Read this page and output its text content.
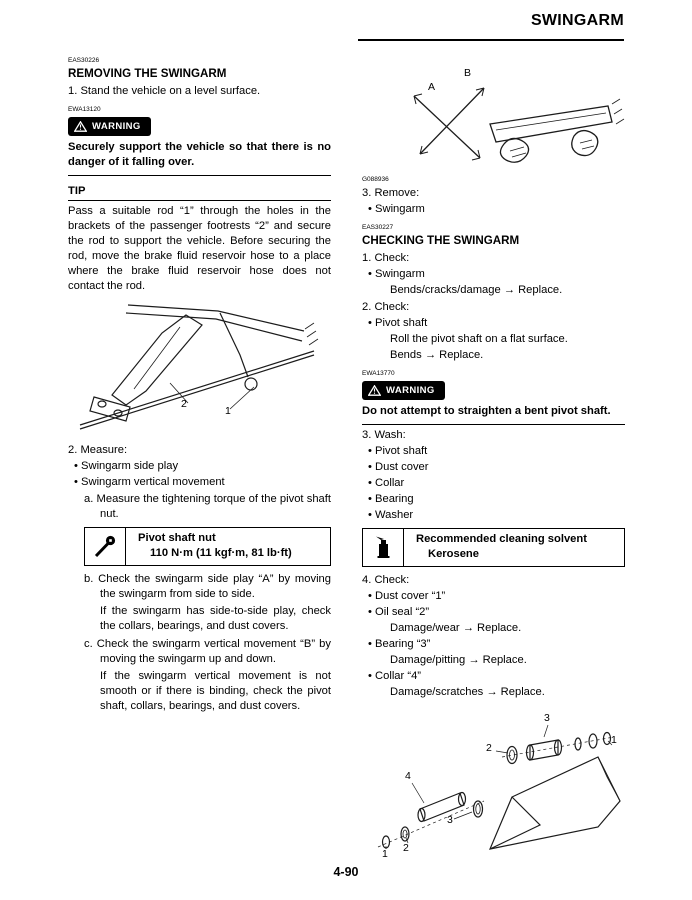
SWINGARM
EAS30226
REMOVING THE SWINGARM
1. Stand the vehicle on a level surface.
EWA13120
WARNING
Securely support the vehicle so that there is no danger of it falling over.
TIP
Pass a suitable rod “1” through the holes in the brackets of the passenger footrests “2” and secure the rod to support the vehicle. Before securing the rod, move the brake fluid reservoir hose to a place where the brake fluid reservoir hose does not contact the rod.
2
1
2. Measure:
• Swingarm side play
• Swingarm vertical movement
a. Measure the tightening torque of the pivot shaft nut.
Pivot shaft nut
110 N·m (11 kgf·m, 81 lb·ft)
b. Check the swingarm side play “A” by moving the swingarm from side to side.
If the swingarm has side-to-side play, check the collars, bearings, and dust covers.
c. Check the swingarm vertical movement “B” by moving the swingarm up and down.
If the swingarm vertical movement is not smooth or if there is binding, check the pivot shaft, collars, bearings, and dust covers.
A
B
G088936
3. Remove:
• Swingarm
EAS30227
CHECKING THE SWINGARM
1. Check:
• Swingarm
Bends/cracks/damage → Replace.
2. Check:
• Pivot shaft
Roll the pivot shaft on a flat surface.
Bends → Replace.
EWA13770
WARNING
Do not attempt to straighten a bent pivot shaft.
3. Wash:
• Pivot shaft
• Dust cover
• Collar
• Bearing
• Washer
Recommended cleaning solvent
Kerosene
4. Check:
• Dust cover “1”
• Oil seal “2”
Damage/wear → Replace.
• Bearing “3”
Damage/pitting → Replace.
• Collar “4”
Damage/scratches → Replace.
3
2
1
4
3
2
1
4-90
